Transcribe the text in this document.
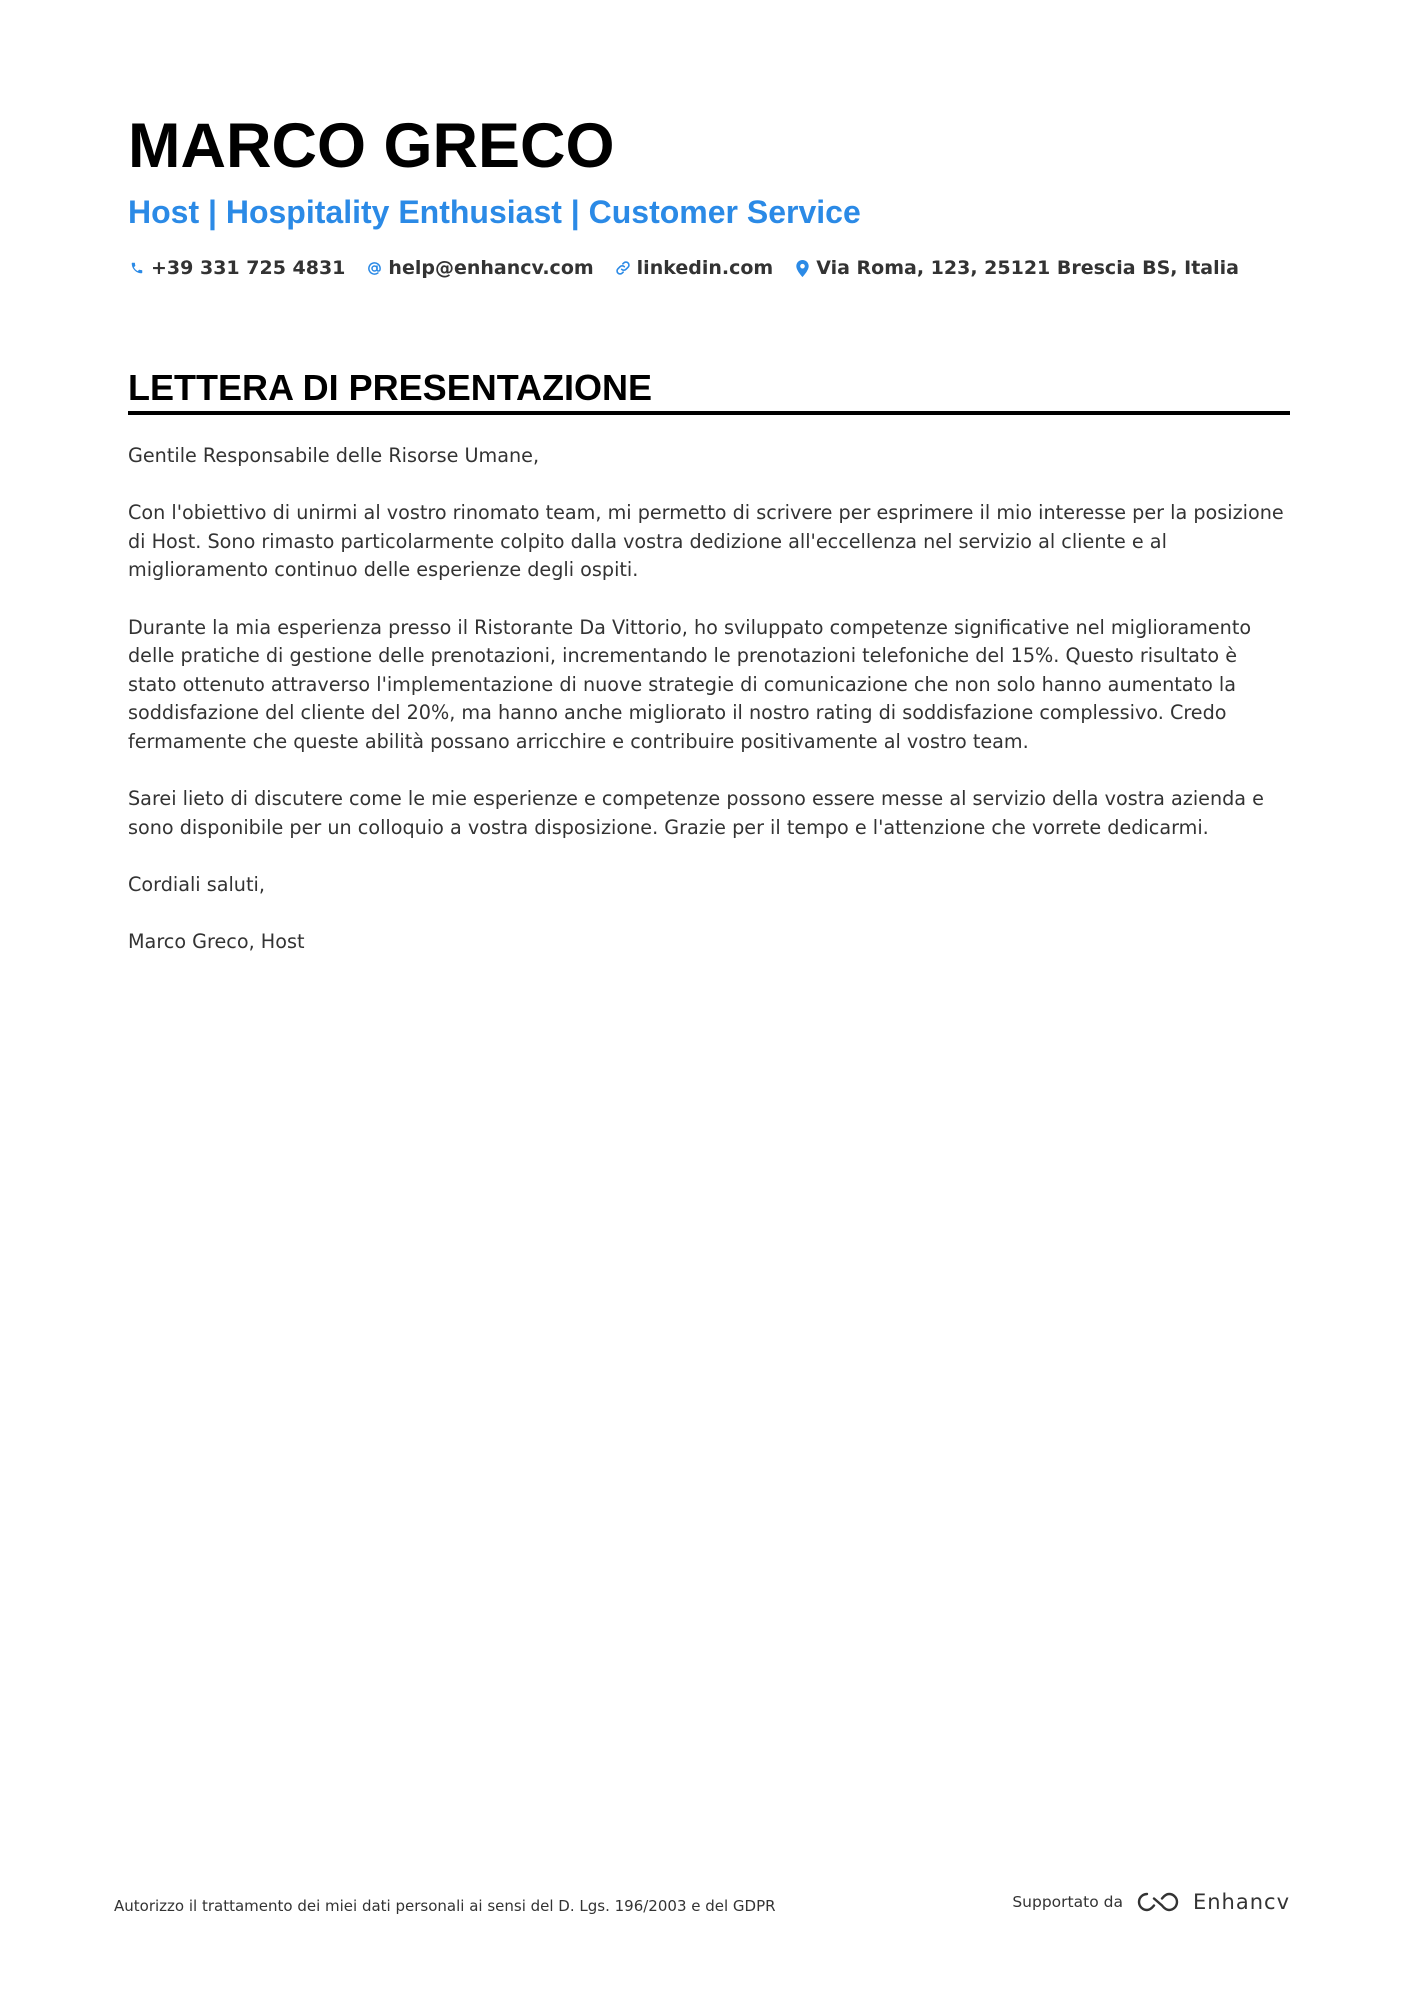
MARCO GRECO
Host | Hospitality Enthusiast | Customer Service
+39 331 725 4831 help@enhancv.com linkedin.com Via Roma, 123, 25121 Brescia BS, Italia
LETTERA DI PRESENTAZIONE

Gentile Responsabile delle Risorse Umane,

Con l'obiettivo di unirmi al vostro rinomato team, mi permetto di scrivere per esprimere il mio interesse per la posizione di Host. Sono rimasto particolarmente colpito dalla vostra dedizione all'eccellenza nel servizio al cliente e al miglioramento continuo delle esperienze degli ospiti.

Durante la mia esperienza presso il Ristorante Da Vittorio, ho sviluppato competenze significative nel miglioramento delle pratiche di gestione delle prenotazioni, incrementando le prenotazioni telefoniche del 15%. Questo risultato è stato ottenuto attraverso l'implementazione di nuove strategie di comunicazione che non solo hanno aumentato la soddisfazione del cliente del 20%, ma hanno anche migliorato il nostro rating di soddisfazione complessivo. Credo fermamente che queste abilità possano arricchire e contribuire positivamente al vostro team.

Sarei lieto di discutere come le mie esperienze e competenze possono essere messe al servizio della vostra azienda e sono disponibile per un colloquio a vostra disposizione. Grazie per il tempo e l'attenzione che vorrete dedicarmi.

Cordiali saluti,

Marco Greco, Host

Autorizzo il trattamento dei miei dati personali ai sensi del D. Lgs. 196/2003 e del GDPR	Supportato da	Enhancv
